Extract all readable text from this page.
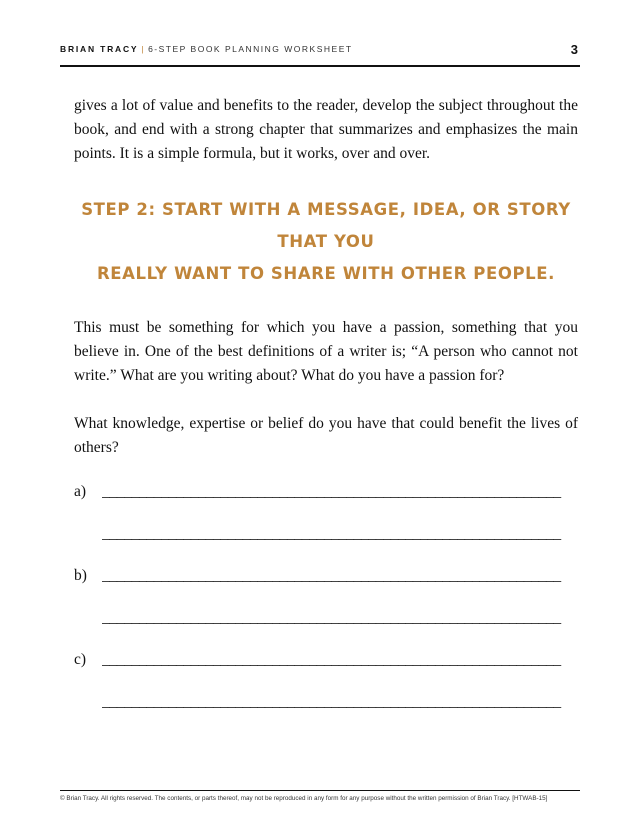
BRIAN TRACY | 6-STEP BOOK PLANNING WORKSHEET	3

gives a lot of value and benefits to the reader, develop the subject throughout the book, and end with a strong chapter that summarizes and emphasizes the main points. It is a simple formula, but it works, over and over.

STEP 2: START WITH A MESSAGE, IDEA, OR STORY THAT YOU
REALLY WANT TO SHARE WITH OTHER PEOPLE.

This must be something for which you have a passion, something that you believe in. One of the best definitions of a writer is; “A person who cannot not write.” What are you writing about? What do you have a passion for?

What knowledge, expertise or belief do you have that could benefit the lives of others?

a)	______________________________________________________________
______________________________________________________________
b) ______________________________________________________________
______________________________________________________________
c)	______________________________________________________________
______________________________________________________________
© Brian Tracy. All rights reserved. The contents, or parts thereof, may not be reproduced in any form for any purpose without the written permission of Brian Tracy. [HTWAB-15]
